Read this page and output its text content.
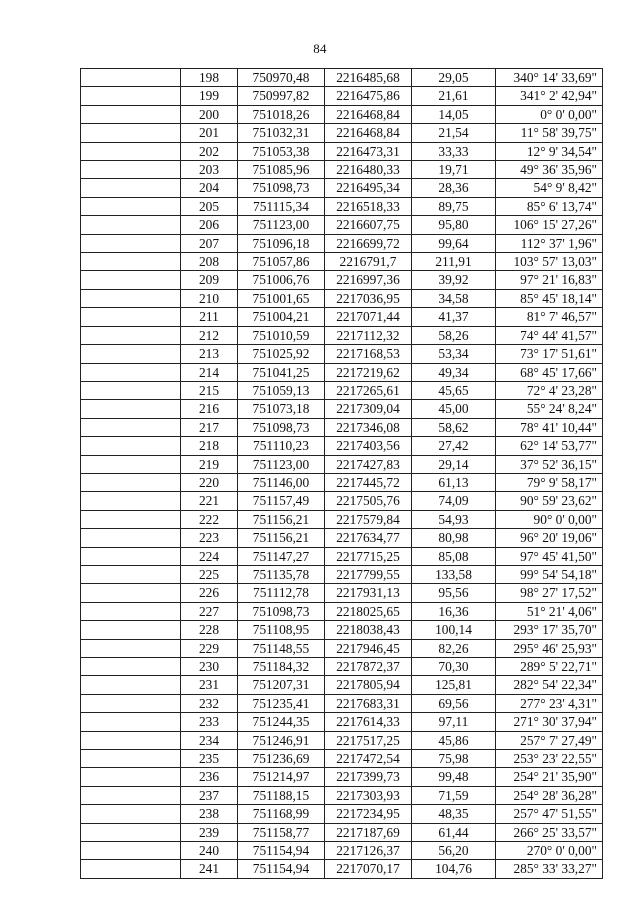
84
	198	750970,48	2216485,68	29,05	340° 14' 33,69"
	199	750997,82	2216475,86	21,61	341° 2' 42,94"
	200	751018,26	2216468,84	14,05	0° 0' 0,00"
	201	751032,31	2216468,84	21,54	11° 58' 39,75"
	202	751053,38	2216473,31	33,33	12° 9' 34,54"
	203	751085,96	2216480,33	19,71	49° 36' 35,96"
	204	751098,73	2216495,34	28,36	54° 9' 8,42"
	205	751115,34	2216518,33	89,75	85° 6' 13,74"
	206	751123,00	2216607,75	95,80	106° 15' 27,26"
	207	751096,18	2216699,72	99,64	112° 37' 1,96"
	208	751057,86	2216791,7	211,91	103° 57' 13,03"
	209	751006,76	2216997,36	39,92	97° 21' 16,83"
	210	751001,65	2217036,95	34,58	85° 45' 18,14"
	211	751004,21	2217071,44	41,37	81° 7' 46,57"
	212	751010,59	2217112,32	58,26	74° 44' 41,57"
	213	751025,92	2217168,53	53,34	73° 17' 51,61"
	214	751041,25	2217219,62	49,34	68° 45' 17,66"
	215	751059,13	2217265,61	45,65	72° 4' 23,28"
	216	751073,18	2217309,04	45,00	55° 24' 8,24"
	217	751098,73	2217346,08	58,62	78° 41' 10,44"
	218	751110,23	2217403,56	27,42	62° 14' 53,77"
	219	751123,00	2217427,83	29,14	37° 52' 36,15"
	220	751146,00	2217445,72	61,13	79° 9' 58,17"
	221	751157,49	2217505,76	74,09	90° 59' 23,62"
	222	751156,21	2217579,84	54,93	90° 0' 0,00"
	223	751156,21	2217634,77	80,98	96° 20' 19,06"
	224	751147,27	2217715,25	85,08	97° 45' 41,50"
	225	751135,78	2217799,55	133,58	99° 54' 54,18"
	226	751112,78	2217931,13	95,56	98° 27' 17,52"
	227	751098,73	2218025,65	16,36	51° 21' 4,06"
	228	751108,95	2218038,43	100,14	293° 17' 35,70"
	229	751148,55	2217946,45	82,26	295° 46' 25,93"
	230	751184,32	2217872,37	70,30	289° 5' 22,71"
	231	751207,31	2217805,94	125,81	282° 54' 22,34"
	232	751235,41	2217683,31	69,56	277° 23' 4,31"
	233	751244,35	2217614,33	97,11	271° 30' 37,94"
	234	751246,91	2217517,25	45,86	257° 7' 27,49"
	235	751236,69	2217472,54	75,98	253° 23' 22,55"
	236	751214,97	2217399,73	99,48	254° 21' 35,90"
	237	751188,15	2217303,93	71,59	254° 28' 36,28"
	238	751168,99	2217234,95	48,35	257° 47' 51,55"
	239	751158,77	2217187,69	61,44	266° 25' 33,57"
	240	751154,94	2217126,37	56,20	270° 0' 0,00"
	241	751154,94	2217070,17	104,76	285° 33' 33,27"
